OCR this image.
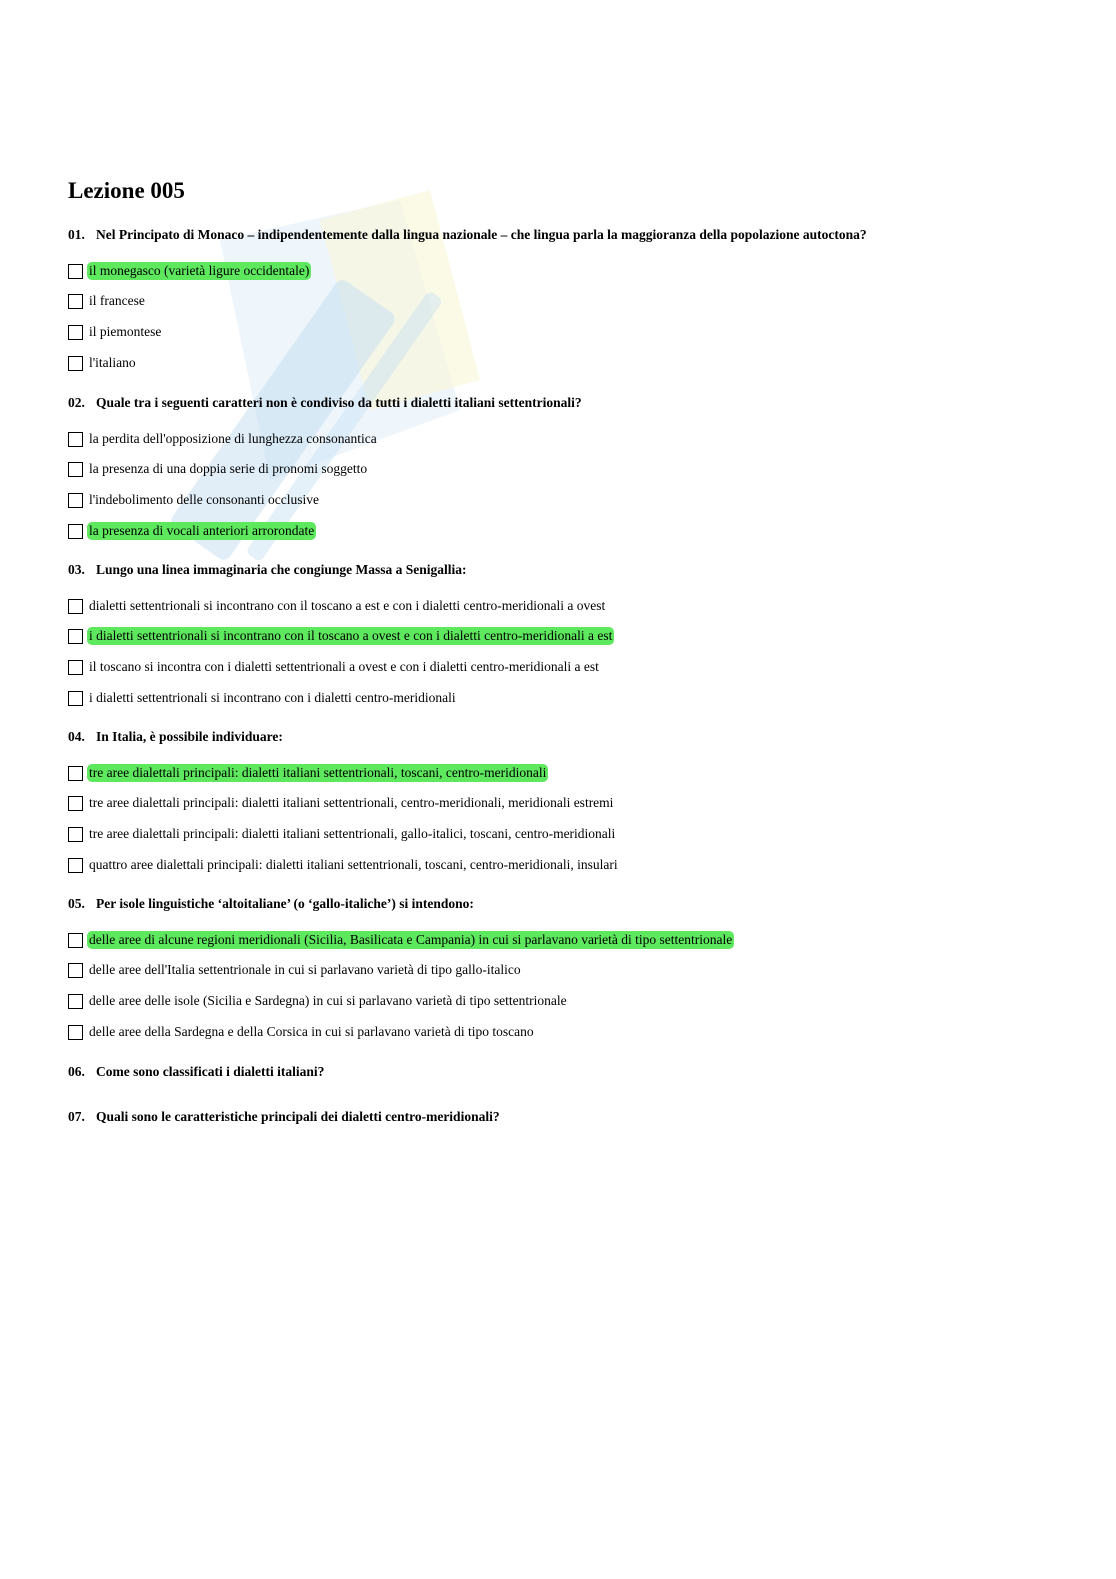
Lezione 005
01. Nel Principato di Monaco – indipendentemente dalla lingua nazionale – che lingua parla la maggioranza della popolazione autoctona?
il monegasco (varietà ligure occidentale)
il francese
il piemontese
l'italiano
02. Quale tra i seguenti caratteri non è condiviso da tutti i dialetti italiani settentrionali?
la perdita dell'opposizione di lunghezza consonantica
la presenza di una doppia serie di pronomi soggetto
l'indebolimento delle consonanti occlusive
la presenza di vocali anteriori arrorondate
03. Lungo una linea immaginaria che congiunge Massa a Senigallia:
dialetti settentrionali si incontrano con il toscano a est e con i dialetti centro-meridionali a ovest
i dialetti settentrionali si incontrano con il toscano a ovest e con i dialetti centro-meridionali a est
il toscano si incontra con i dialetti settentrionali a ovest e con i dialetti centro-meridionali a est
i dialetti settentrionali si incontrano con i dialetti centro-meridionali
04. In Italia, è possibile individuare:
tre aree dialettali principali: dialetti italiani settentrionali, toscani, centro-meridionali
tre aree dialettali principali: dialetti italiani settentrionali, centro-meridionali, meridionali estremi
tre aree dialettali principali: dialetti italiani settentrionali, gallo-italici, toscani, centro-meridionali
quattro aree dialettali principali: dialetti italiani settentrionali, toscani, centro-meridionali, insulari
05. Per isole linguistiche ‘altoitaliane’ (o ‘gallo-italiche’) si intendono:
delle aree di alcune regioni meridionali (Sicilia, Basilicata e Campania) in cui si parlavano varietà di tipo settentrionale
delle aree dell'Italia settentrionale in cui si parlavano varietà di tipo gallo-italico
delle aree delle isole (Sicilia e Sardegna) in cui si parlavano varietà di tipo settentrionale
delle aree della Sardegna e della Corsica in cui si parlavano varietà di tipo toscano
06. Come sono classificati i dialetti italiani?
07. Quali sono le caratteristiche principali dei dialetti centro-meridionali?
